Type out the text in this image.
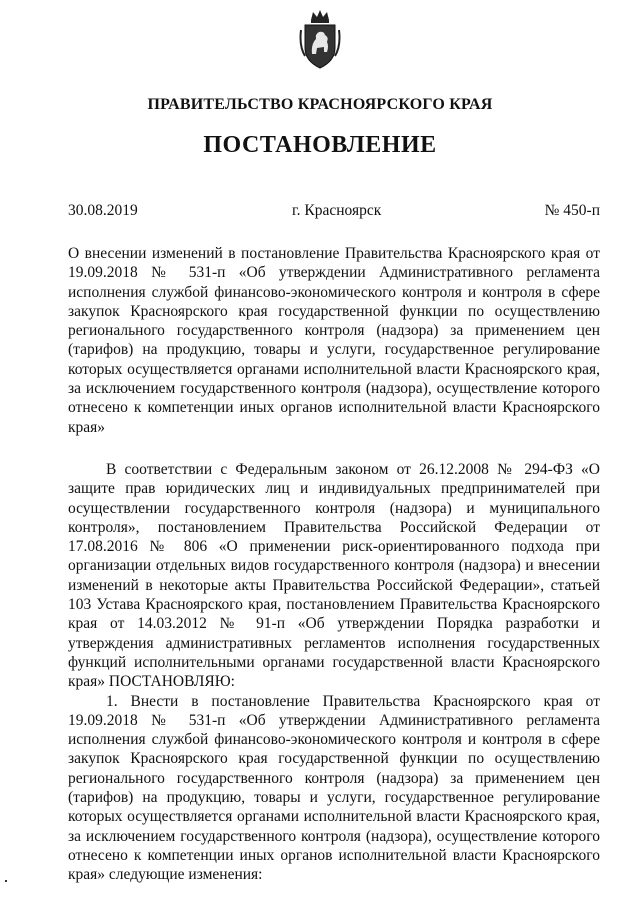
ПРАВИТЕЛЬСТВО КРАСНОЯРСКОГО КРАЯ
ПОСТАНОВЛЕНИЕ
30.08.2019	г. Красноярск	№ 450-п
О внесении изменений в постановление Правительства Красноярского края от 19.09.2018 № 531-п «Об утверждении Административного регламента исполнения службой финансово-экономического контроля и контроля в сфере закупок Красноярского края государственной функции по осуществлению регионального государственного контроля (надзора) за применением цен (тарифов) на продукцию, товары и услуги, государственное регулирование которых осуществляется органами исполнительной власти Красноярского края, за исключением государственного контроля (надзора), осуществление которого отнесено к компетенции иных органов исполнительной власти Красноярского края»

В соответствии с Федеральным законом от 26.12.2008 № 294-ФЗ «О защите прав юридических лиц и индивидуальных предпринимателей при осуществлении государственного контроля (надзора) и муниципального контроля», постановлением Правительства Российской Федерации от 17.08.2016 № 806 «О применении риск-ориентированного подхода при организации отдельных видов государственного контроля (надзора) и внесении изменений в некоторые акты Правительства Российской Федерации», статьей 103 Устава Красноярского края, постановлением Правительства Красноярского края от 14.03.2012 № 91-п «Об утверждении Порядка разработки и утверждения административных регламентов исполнения государственных функций исполнительными органами государственной власти Красноярского края» ПОСТАНОВЛЯЮ:

1. Внести в постановление Правительства Красноярского края от 19.09.2018 № 531-п «Об утверждении Административного регламента исполнения службой финансово-экономического контроля и контроля в сфере закупок Красноярского края государственной функции по осуществлению регионального государственного контроля (надзора) за применением цен (тарифов) на продукцию, товары и услуги, государственное регулирование которых осуществляется органами исполнительной власти Красноярского края, за исключением государственного контроля (надзора), осуществление которого отнесено к компетенции иных органов исполнительной власти Красноярского края» следующие изменения:
